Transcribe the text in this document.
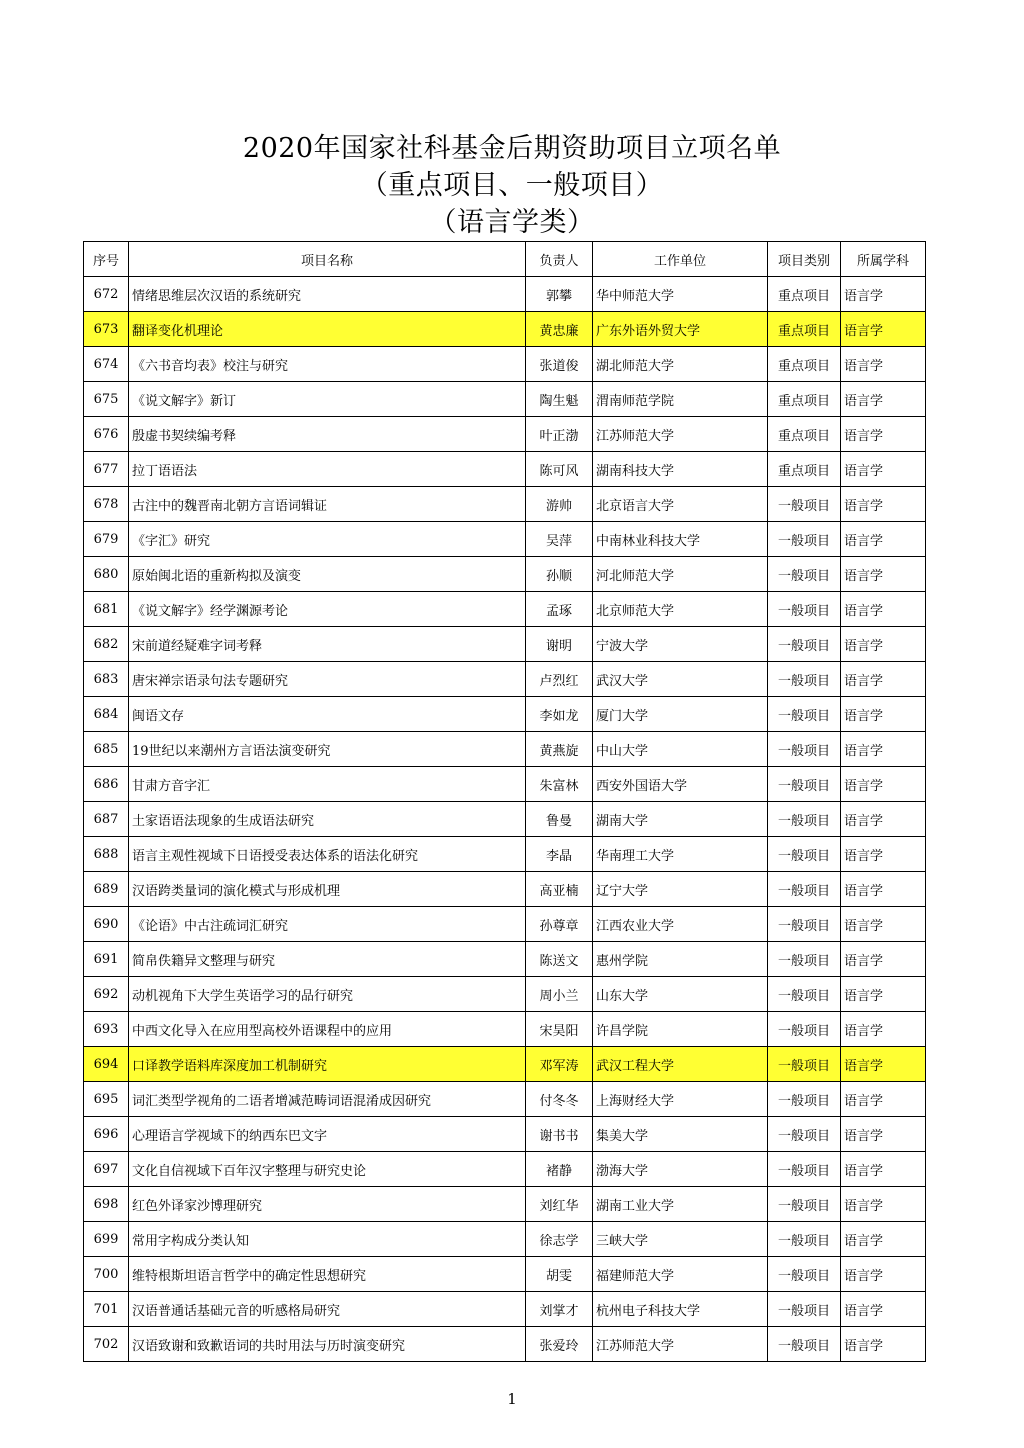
2020年国家社科基金后期资助项目立项名单
（重点项目、一般项目）
（语言学类）
序号	项目名称	负责人	工作单位	项目类别	所属学科
672	情绪思维层次汉语的系统研究	郭攀	华中师范大学	重点项目	语言学
673	翻译变化机理论	黄忠廉	广东外语外贸大学	重点项目	语言学
674	《六书音均表》校注与研究	张道俊	湖北师范大学	重点项目	语言学
675	《说文解字》新订	陶生魁	渭南师范学院	重点项目	语言学
676	殷虚书契续编考释	叶正渤	江苏师范大学	重点项目	语言学
677	拉丁语语法	陈可风	湖南科技大学	重点项目	语言学
678	古注中的魏晋南北朝方言语词辑证	游帅	北京语言大学	一般项目	语言学
679	《字汇》研究	吴萍	中南林业科技大学	一般项目	语言学
680	原始闽北语的重新构拟及演变	孙顺	河北师范大学	一般项目	语言学
681	《说文解字》经学渊源考论	孟琢	北京师范大学	一般项目	语言学
682	宋前道经疑难字词考释	谢明	宁波大学	一般项目	语言学
683	唐宋禅宗语录句法专题研究	卢烈红	武汉大学	一般项目	语言学
684	闽语文存	李如龙	厦门大学	一般项目	语言学
685	19世纪以来潮州方言语法演变研究	黄燕旋	中山大学	一般项目	语言学
686	甘肃方音字汇	朱富林	西安外国语大学	一般项目	语言学
687	土家语语法现象的生成语法研究	鲁曼	湖南大学	一般项目	语言学
688	语言主观性视域下日语授受表达体系的语法化研究	李晶	华南理工大学	一般项目	语言学
689	汉语跨类量词的演化模式与形成机理	高亚楠	辽宁大学	一般项目	语言学
690	《论语》中古注疏词汇研究	孙尊章	江西农业大学	一般项目	语言学
691	简帛佚籍异文整理与研究	陈送文	惠州学院	一般项目	语言学
692	动机视角下大学生英语学习的品行研究	周小兰	山东大学	一般项目	语言学
693	中西文化导入在应用型高校外语课程中的应用	宋昊阳	许昌学院	一般项目	语言学
694	口译教学语料库深度加工机制研究	邓军涛	武汉工程大学	一般项目	语言学
695	词汇类型学视角的二语者增减范畴词语混淆成因研究	付冬冬	上海财经大学	一般项目	语言学
696	心理语言学视域下的纳西东巴文字	谢书书	集美大学	一般项目	语言学
697	文化自信视域下百年汉字整理与研究史论	褚静	渤海大学	一般项目	语言学
698	红色外译家沙博理研究	刘红华	湖南工业大学	一般项目	语言学
699	常用字构成分类认知	徐志学	三峡大学	一般项目	语言学
700	维特根斯坦语言哲学中的确定性思想研究	胡雯	福建师范大学	一般项目	语言学
701	汉语普通话基础元音的听感格局研究	刘掌才	杭州电子科技大学	一般项目	语言学
702	汉语致谢和致歉语词的共时用法与历时演变研究	张爱玲	江苏师范大学	一般项目	语言学
1
